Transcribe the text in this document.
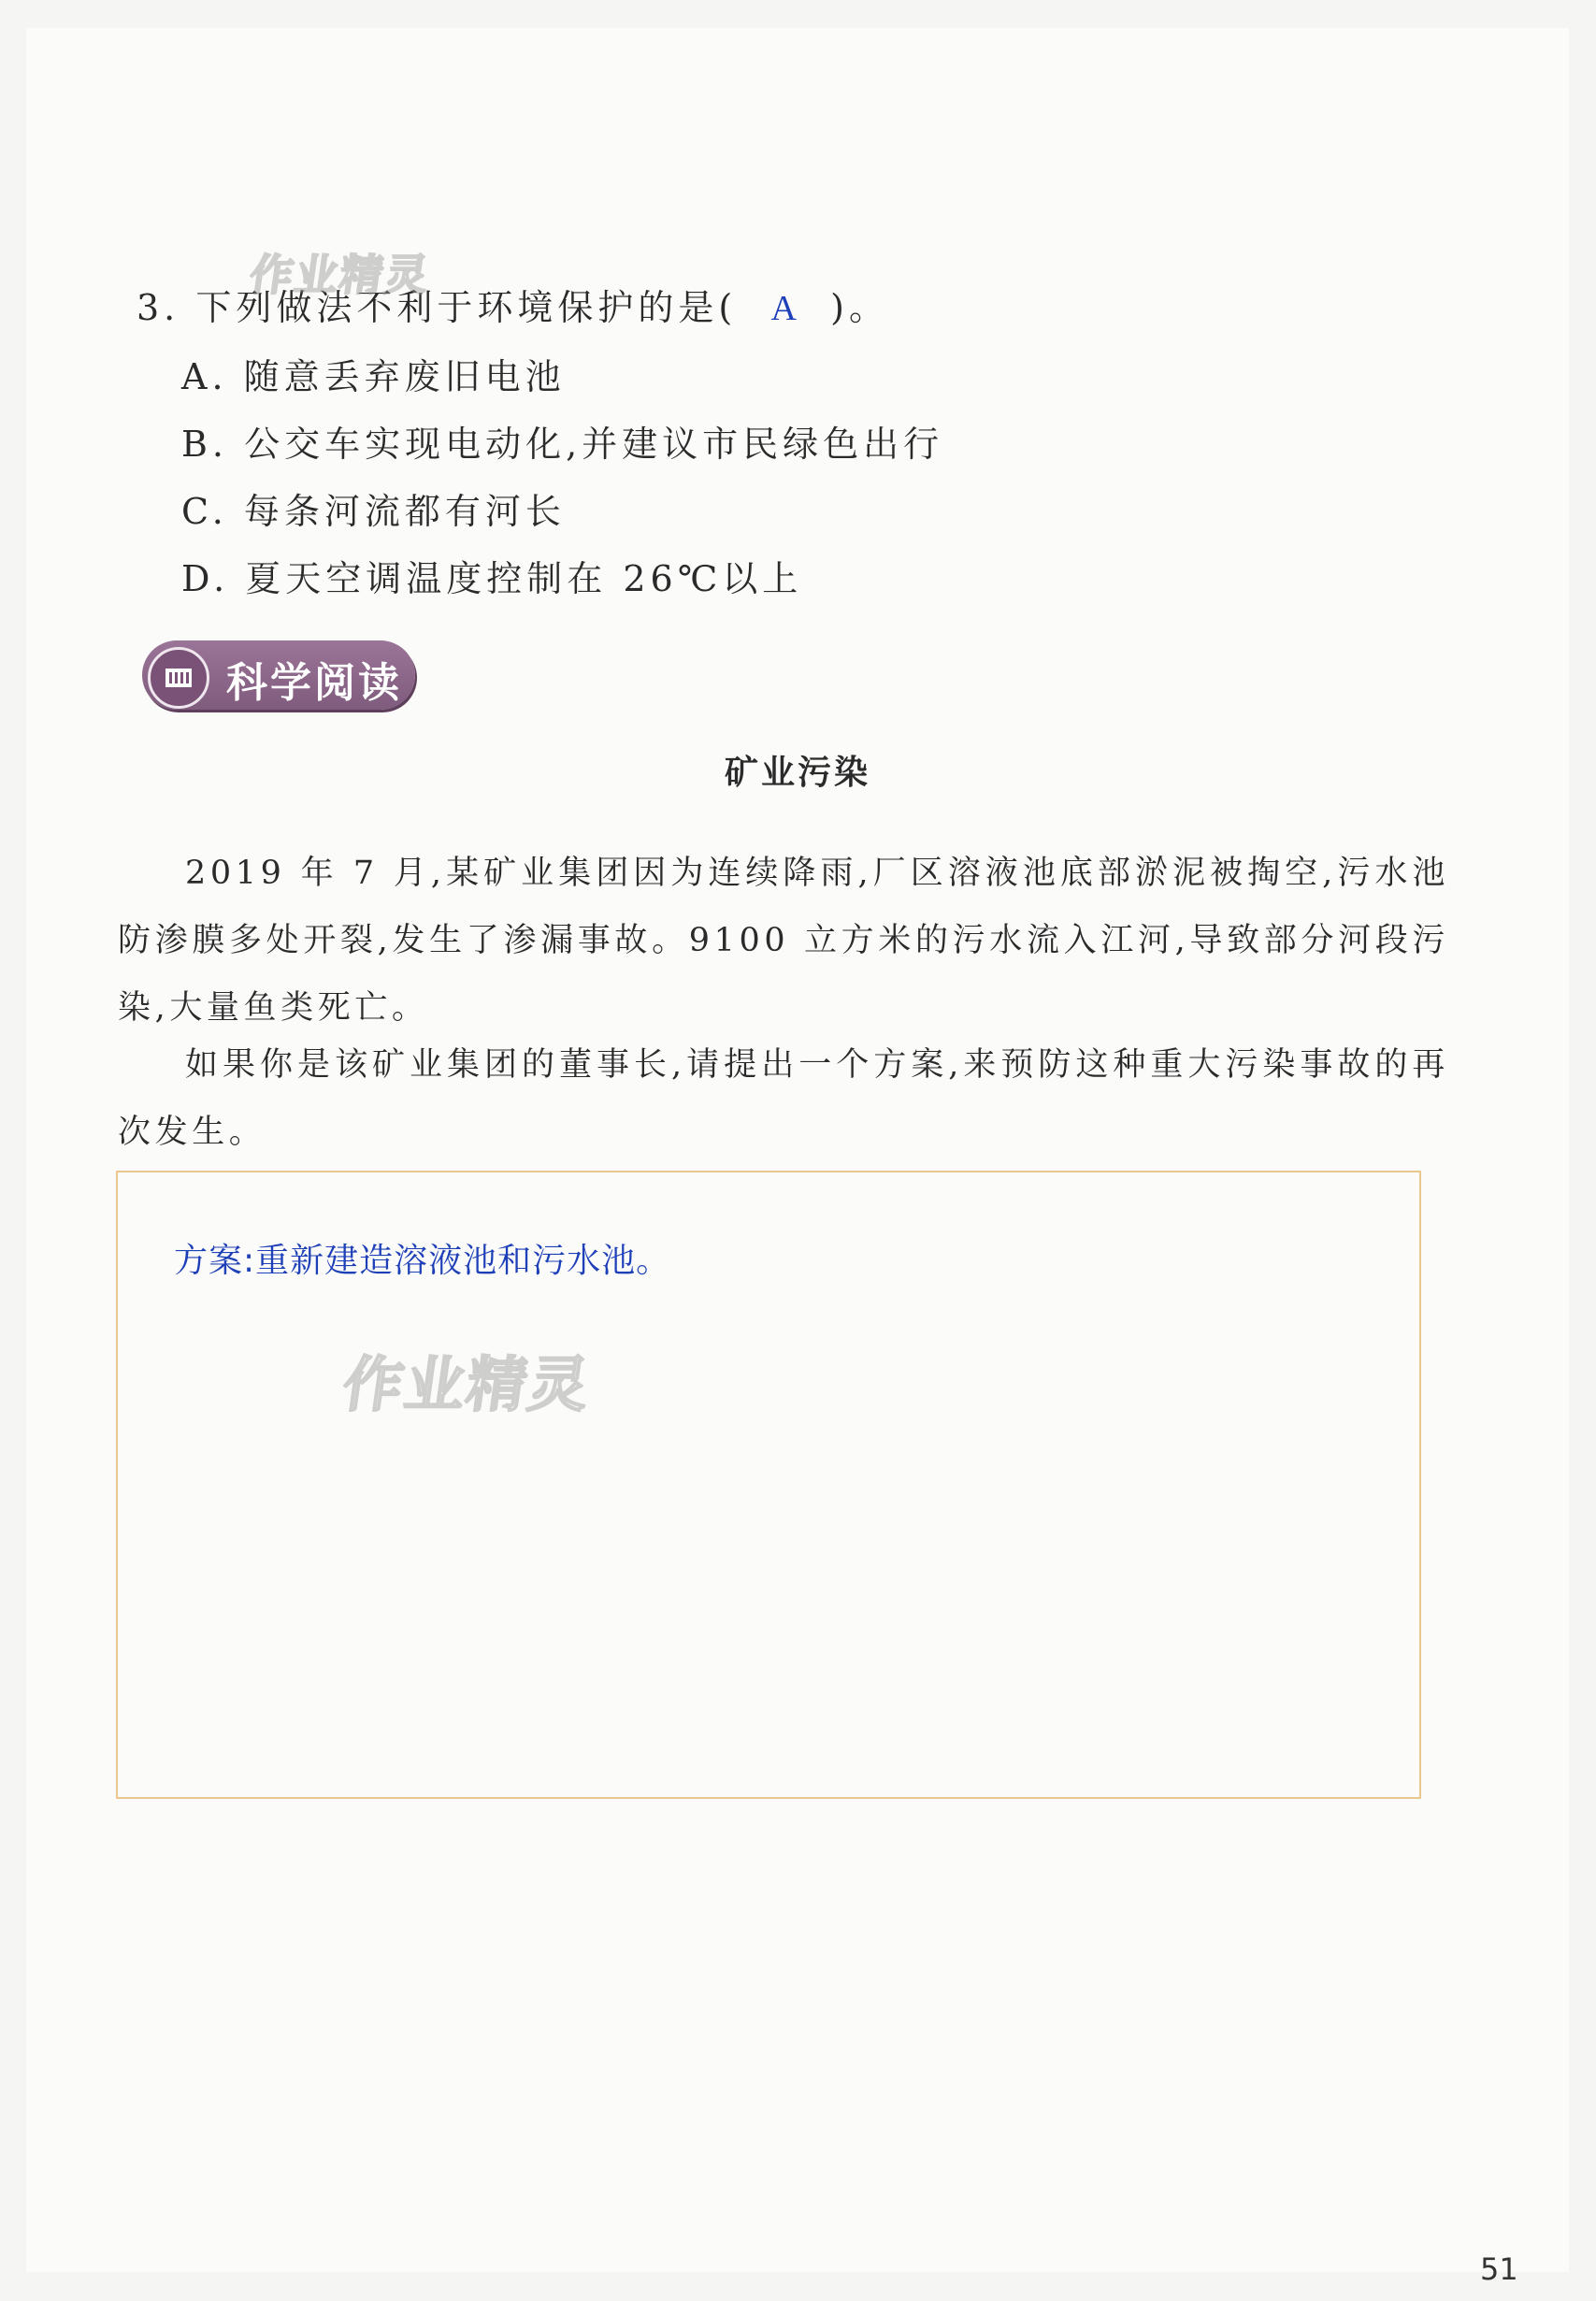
3. 下列做法不利于环境保护的是( A )。
A. 随意丢弃废旧电池
B. 公交车实现电动化,并建议市民绿色出行
C. 每条河流都有河长
D. 夏天空调温度控制在 26℃以上
科学阅读
矿业污染
2019 年 7 月,某矿业集团因为连续降雨,厂区溶液池底部淤泥被掏空,污水池防渗膜多处开裂,发生了渗漏事故。9100 立方米的污水流入江河,导致部分河段污染,大量鱼类死亡。
如果你是该矿业集团的董事长,请提出一个方案,来预防这种重大污染事故的再次发生。
方案:重新建造溶液池和污水池。
作业精灵
作业精灵
51
